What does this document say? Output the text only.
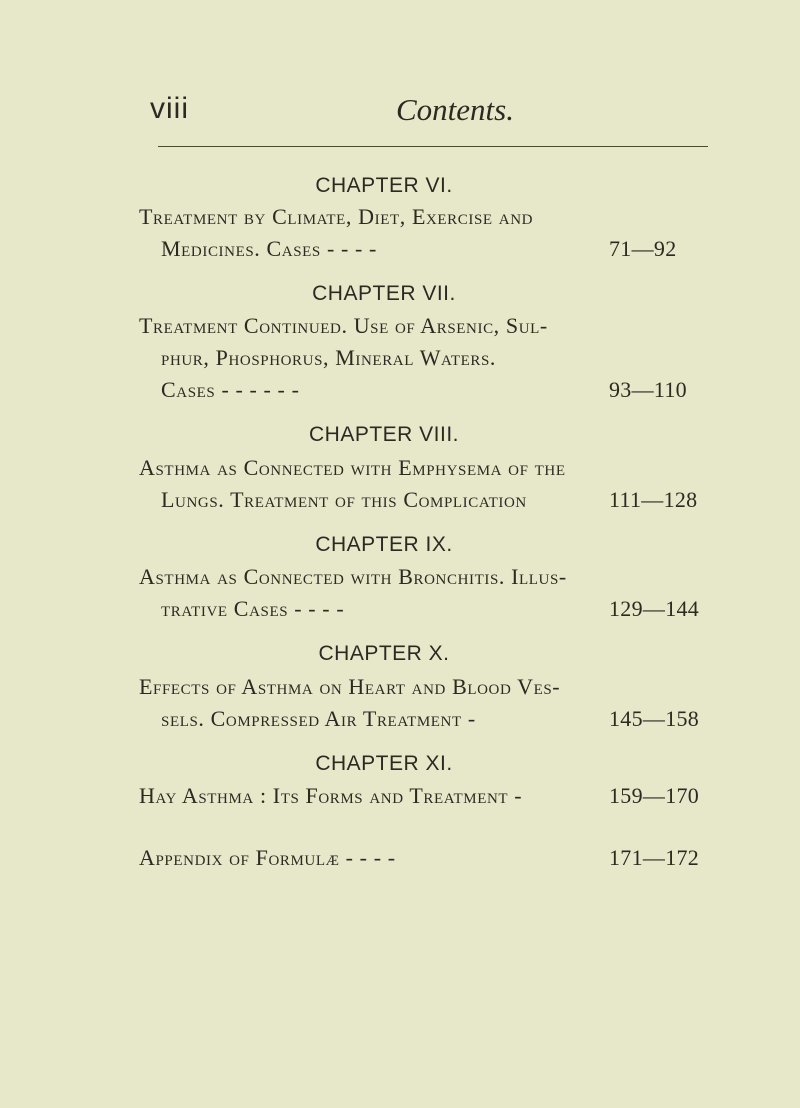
viii	Contents.
CHAPTER VI.
Treatment by Climate, Diet, Exercise and
Medicines. Cases - - - -	71—92
CHAPTER VII.
Treatment Continued. Use of Arsenic, Sul-
phur, Phosphorus, Mineral Waters.
Cases - - - - - -	93—110
CHAPTER VIII.
Asthma as Connected with Emphysema of the
Lungs. Treatment of this Complication	111—128
CHAPTER IX.
Asthma as Connected with Bronchitis. Illus-
trative Cases - - - -	129—144
CHAPTER X.
Effects of Asthma on Heart and Blood Ves-
sels. Compressed Air Treatment -	145—158
CHAPTER XI.
Hay Asthma : Its Forms and Treatment -	159—170
Appendix of Formulæ - - - -	171—172
